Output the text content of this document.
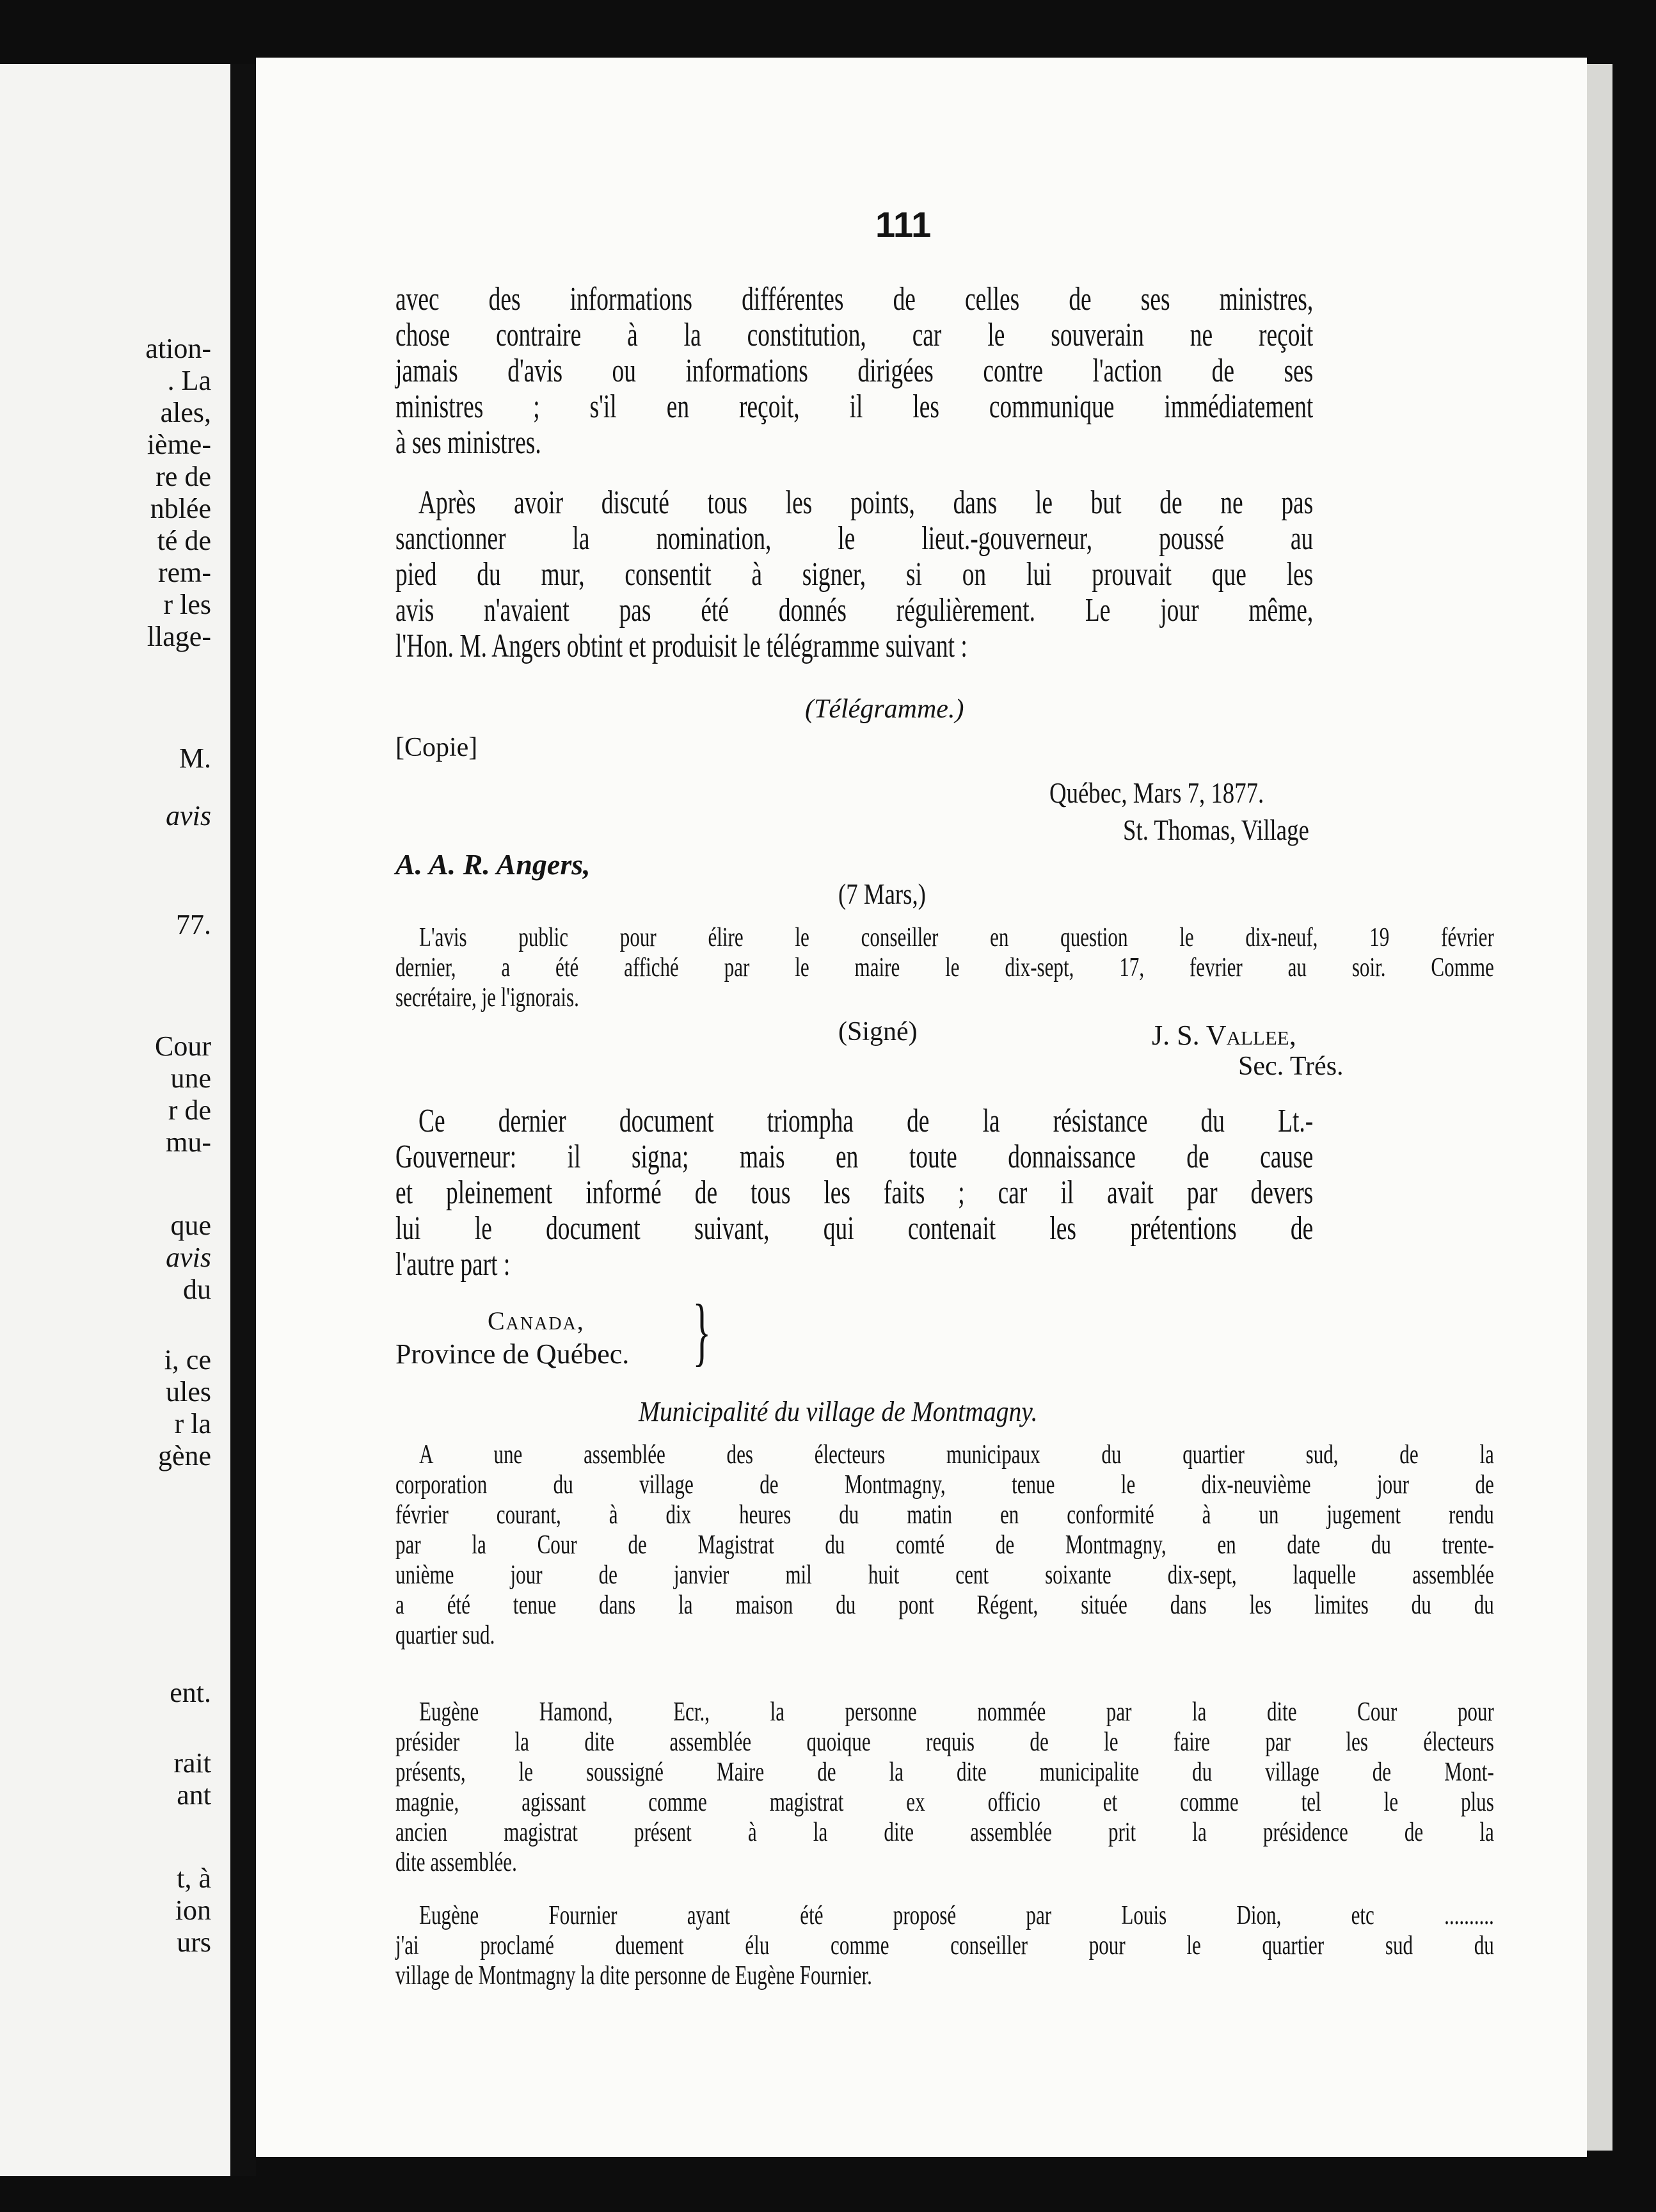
ation-
. La
ales,
ième-
re de
nblée
té de
rem-
r les
llage-
M.
avis
77.
Cour
une
r de
mu-
que
avis
du
i, ce
ules
r la
gène
ent.
rait
ant
t, à
ion
urs
111
avec des informations différentes de celles de ses ministres,
chose contraire à la constitution, car le souverain ne reçoit
jamais d'avis ou informations dirigées contre l'action de ses
ministres ; s'il en reçoit, il les communique immédiatement
à ses ministres.
Après avoir discuté tous les points, dans le but de ne pas
sanctionner la nomination, le lieut.-gouverneur, poussé au
pied du mur, consentit à signer, si on lui prouvait que les
avis n'avaient pas été donnés régulièrement. Le jour même,
l'Hon. M. Angers obtint et produisit le télégramme suivant :
(Télégramme.)
[Copie]
Québec, Mars 7, 1877.
St. Thomas, Village
A. A. R. Angers,
(7 Mars,)
L'avis public pour élire le conseiller en question le dix-neuf, 19 février
dernier, a été affiché par le maire le dix-sept, 17, fevrier au soir. Comme
secrétaire, je l'ignorais.
(Signé)	J. S. Vallee,
Sec. Trés.
Ce dernier document triompha de la résistance du Lt.-
Gouverneur: il signa; mais en toute donnaissance de cause
et pleinement informé de tous les faits ; car il avait par devers
lui le document suivant, qui contenait les prétentions de
l'autre part :
Canada,
Province de Québec. }
Municipalité du village de Montmagny.
A une assemblée des électeurs municipaux du quartier sud, de la
corporation du village de Montmagny, tenue le dix-neuvième jour de
février courant, à dix heures du matin en conformité à un jugement rendu
par la Cour de Magistrat du comté de Montmagny, en date du trente-
unième jour de janvier mil huit cent soixante dix-sept, laquelle assemblée
a été tenue dans la maison du pont Régent, située dans les limites du du
quartier sud.
Eugène Hamond, Ecr., la personne nommée par la dite Cour pour
présider la dite assemblée quoique requis de le faire par les électeurs
présents, le soussigné Maire de la dite municipalite du village de Mont-
magnie, agissant comme magistrat ex officio et comme tel le plus
ancien magistrat présent à la dite assemblée prit la présidence de la
dite assemblée.
Eugène Fournier ayant été proposé par Louis Dion, etc ..........
j'ai proclamé duement élu comme conseiller pour le quartier sud du
village de Montmagny la dite personne de Eugène Fournier.
